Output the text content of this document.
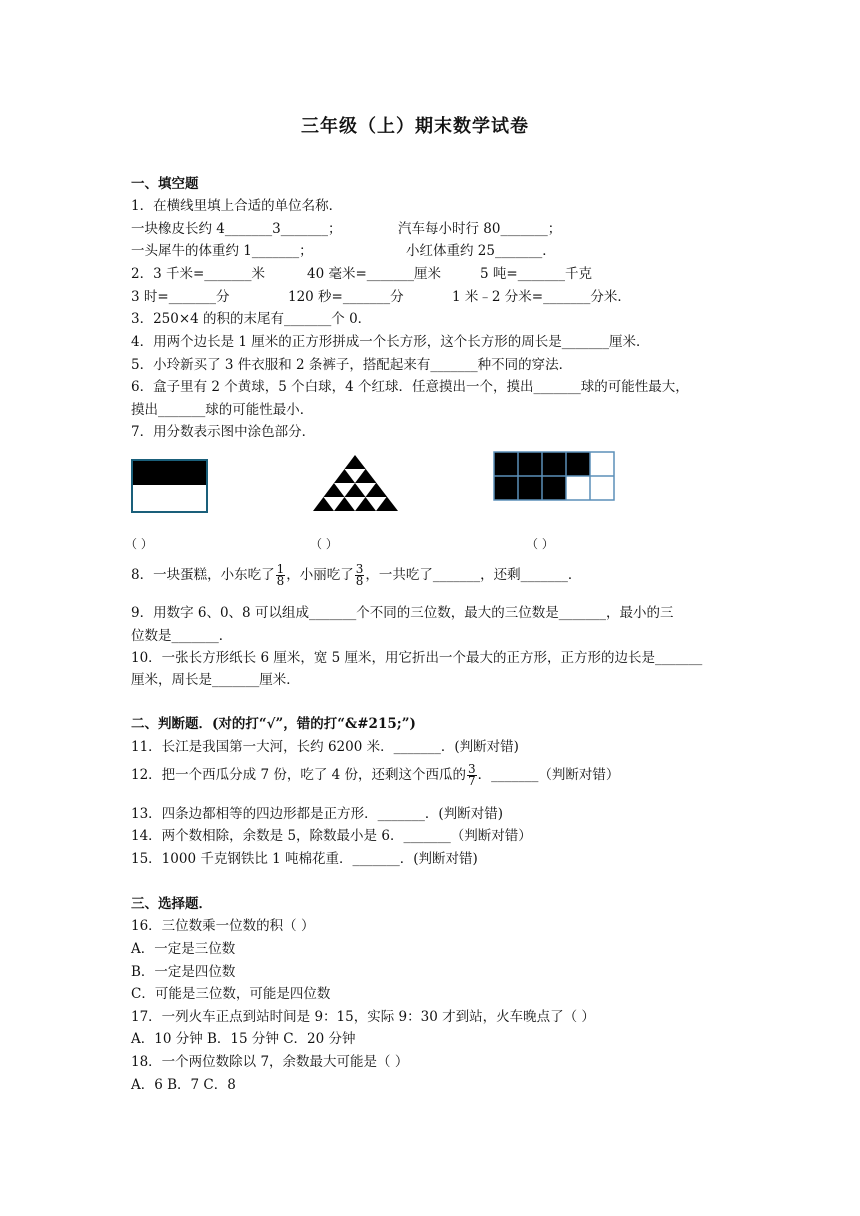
三年级（上）期末数学试卷
一、填空题
1．在横线里填上合适的单位名称．
一块橡皮长约 4_______3_______；	汽车每小时行 80_______；
一头犀牛的体重约 1_______；	小红体重约 25_______．
2．3 千米=_______米	40 毫米=_______厘米	5 吨=_______千克
3 时=_______分	120 秒=_______分	1 米﹣2 分米=_______分米．
3．250×4 的积的末尾有_______个 0．
4．用两个边长是 1 厘米的正方形拼成一个长方形，这个长方形的周长是_______厘米．
5．小玲新买了 3 件衣服和 2 条裤子，搭配起来有_______种不同的穿法．
6．盒子里有 2 个黄球，5 个白球，4 个红球．任意摸出一个，摸出_______球的可能性最大，
摸出_______球的可能性最小．
7．用分数表示图中涂色部分．
（ ）	（ ）	（ ）
8．一块蛋糕，小东吃了 $\frac{1}{8}$ ，小丽吃了 $\frac{3}{8}$ ，一共吃了_______，还剩_______．
9．用数字 6、0、8 可以组成_______个不同的三位数，最大的三位数是_______，最小的三
位数是_______．
10．一张长方形纸长 6 厘米，宽 5 厘米，用它折出一个最大的正方形，正方形的边长是_______
厘米，周长是_______厘米．
二、判断题．(对的打“√”，错的打“&#215;”)
11．长江是我国第一大河，长约 6200 米．_______．(判断对错)
12．把一个西瓜分成 7 份，吃了 4 份，还剩这个西瓜的 $\frac{3}{7}$ ．_______（判断对错）
13．四条边都相等的四边形都是正方形．_______．(判断对错)
14．两个数相除，余数是 5，除数最小是 6．_______（判断对错）
15．1000 千克钢铁比 1 吨棉花重．_______．(判断对错)
三、选择题．
16．三位数乘一位数的积（ ）
A．一定是三位数
B．一定是四位数
C．可能是三位数，可能是四位数
17．一列火车正点到站时间是 9：15，实际 9：30 才到站，火车晚点了（ ）
A．10 分钟 B．15 分钟 C．20 分钟
18．一个两位数除以 7，余数最大可能是（ ）
A．6 B．7 C．8
